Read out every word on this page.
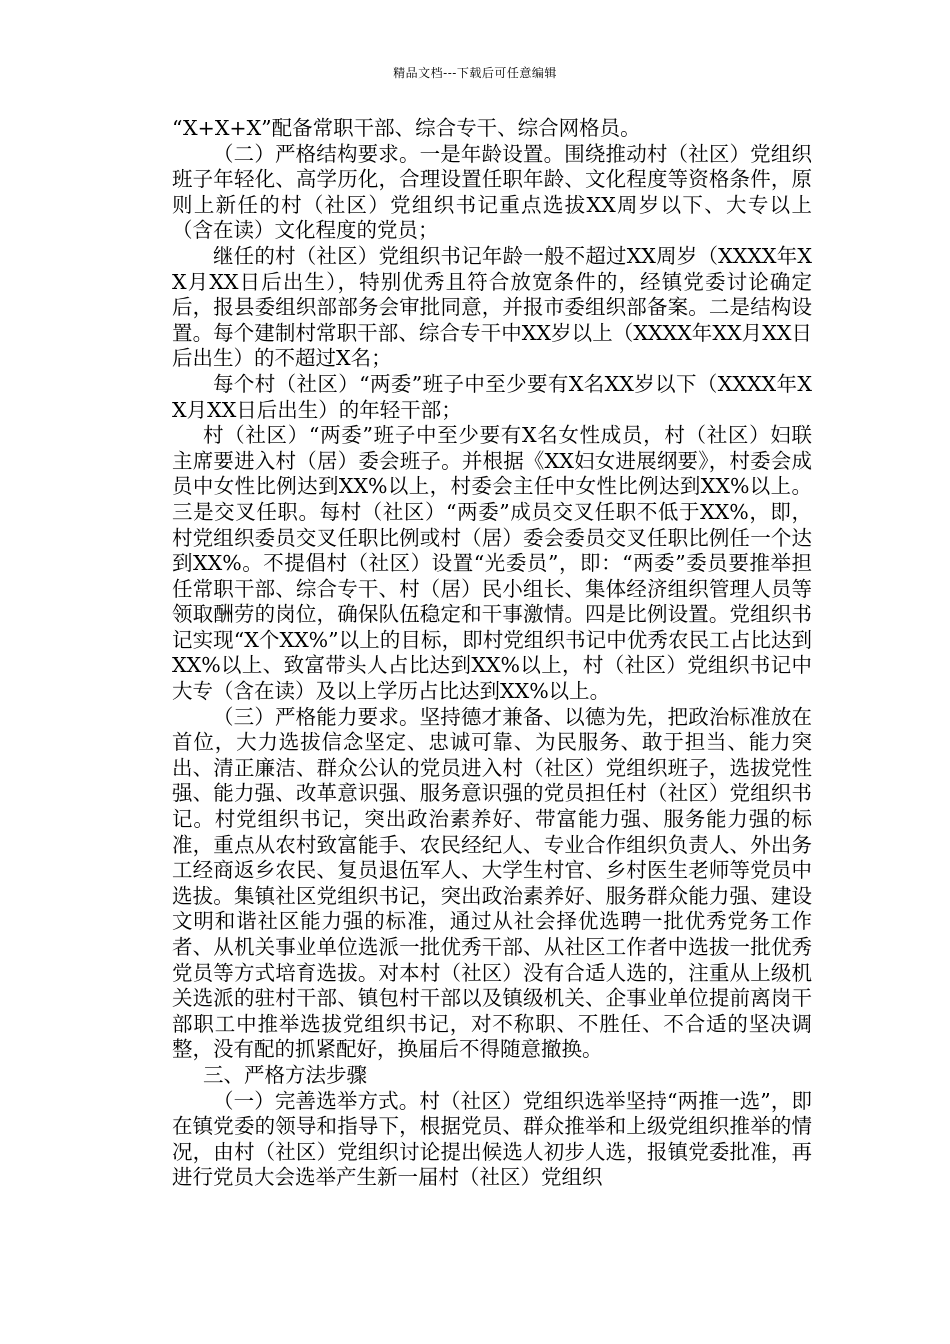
精品文档---下载后可任意编辑

“X+X+X”配备常职干部、综合专干、综合网格员。

（二）严格结构要求。一是年龄设置。围绕推动村（社区）党组织班子年轻化、高学历化，合理设置任职年龄、文化程度等资格条件，原则上新任的村（社区）党组织书记重点选拔XX周岁以下、大专以上（含在读）文化程度的党员；

继任的村（社区）党组织书记年龄一般不超过XX周岁（XXXX年XX月XX日后出生），特别优秀且符合放宽条件的，经镇党委讨论确定后，报县委组织部部务会审批同意，并报市委组织部备案。二是结构设置。每个建制村常职干部、综合专干中XX岁以上（XXXX年XX月XX日后出生）的不超过X名；

每个村（社区）“两委”班子中至少要有X名XX岁以下（XXXX年XX月XX日后出生）的年轻干部；

村（社区）“两委”班子中至少要有X名女性成员，村（社区）妇联主席要进入村（居）委会班子。并根据《XX妇女进展纲要》，村委会成员中女性比例达到XX%以上，村委会主任中女性比例达到XX%以上。三是交叉任职。每村（社区）“两委”成员交叉任职不低于XX%，即，村党组织委员交叉任职比例或村（居）委会委员交叉任职比例任一个达到XX%。不提倡村（社区）设置“光委员”，即：“两委”委员要推举担任常职干部、综合专干、村（居）民小组长、集体经济组织管理人员等领取酬劳的岗位，确保队伍稳定和干事激情。四是比例设置。党组织书记实现“X个XX%”以上的目标，即村党组织书记中优秀农民工占比达到XX%以上、致富带头人占比达到XX%以上，村（社区）党组织书记中大专（含在读）及以上学历占比达到XX%以上。

（三）严格能力要求。坚持德才兼备、以德为先，把政治标准放在首位，大力选拔信念坚定、忠诚可靠、为民服务、敢于担当、能力突出、清正廉洁、群众公认的党员进入村（社区）党组织班子，选拔党性强、能力强、改革意识强、服务意识强的党员担任村（社区）党组织书记。村党组织书记，突出政治素养好、带富能力强、服务能力强的标准，重点从农村致富能手、农民经纪人、专业合作组织负责人、外出务工经商返乡农民、复员退伍军人、大学生村官、乡村医生老师等党员中选拔。集镇社区党组织书记，突出政治素养好、服务群众能力强、建设文明和谐社区能力强的标准，通过从社会择优选聘一批优秀党务工作者、从机关事业单位选派一批优秀干部、从社区工作者中选拔一批优秀党员等方式培育选拔。对本村（社区）没有合适人选的，注重从上级机关选派的驻村干部、镇包村干部以及镇级机关、企事业单位提前离岗干部职工中推举选拔党组织书记，对不称职、不胜任、不合适的坚决调整，没有配的抓紧配好，换届后不得随意撤换。

三、严格方法步骤

（一）完善选举方式。村（社区）党组织选举坚持“两推一选”，即在镇党委的领导和指导下，根据党员、群众推举和上级党组织推举的情况，由村（社区）党组织讨论提出候选人初步人选，报镇党委批准，再进行党员大会选举产生新一届村（社区）党组织
